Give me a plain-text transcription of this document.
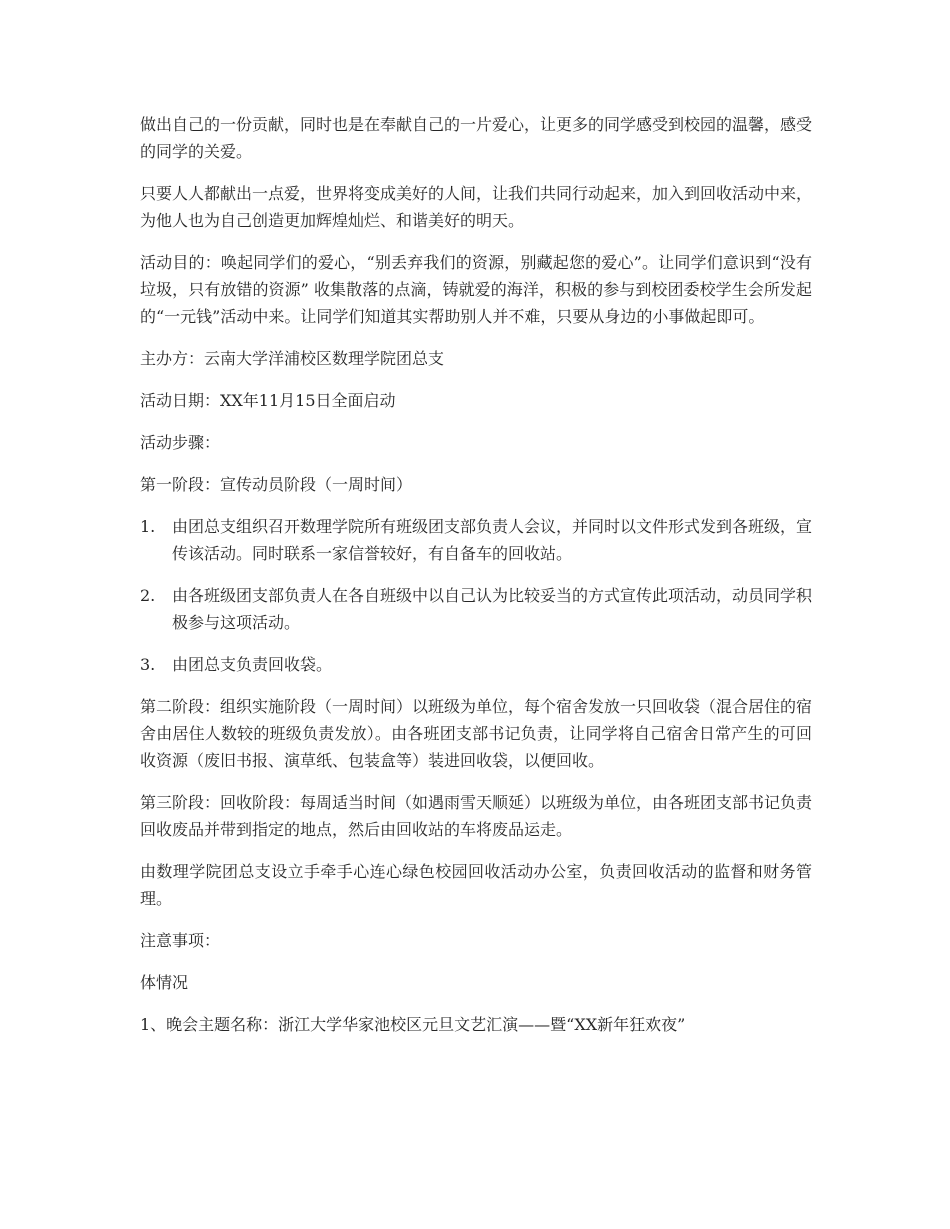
做出自己的一份贡献，同时也是在奉献自己的一片爱心，让更多的同学感受到校园的温馨，感受的同学的关爱。

只要人人都献出一点爱，世界将变成美好的人间，让我们共同行动起来，加入到回收活动中来，为他人也为自己创造更加辉煌灿烂、和谐美好的明天。

活动目的：唤起同学们的爱心，“别丢弃我们的资源，别藏起您的爱心”。让同学们意识到“没有垃圾，只有放错的资源” 收集散落的点滴，铸就爱的海洋，积极的参与到校团委校学生会所发起的“一元钱”活动中来。让同学们知道其实帮助别人并不难，只要从身边的小事做起即可。

主办方：云南大学洋浦校区数理学院团总支

活动日期：XX年11月15日全面启动

活动步骤：

第一阶段：宣传动员阶段（一周时间）

1.	由团总支组织召开数理学院所有班级团支部负责人会议，并同时以文件形式发到各班级，宣传该活动。同时联系一家信誉较好，有自备车的回收站。

2.	由各班级团支部负责人在各自班级中以自己认为比较妥当的方式宣传此项活动，动员同学积极参与这项活动。

3.	由团总支负责回收袋。

第二阶段：组织实施阶段（一周时间）以班级为单位，每个宿舍发放一只回收袋（混合居住的宿舍由居住人数较的班级负责发放）。由各班团支部书记负责，让同学将自己宿舍日常产生的可回收资源（废旧书报、演草纸、包装盒等）装进回收袋，以便回收。

第三阶段：回收阶段：每周适当时间（如遇雨雪天顺延）以班级为单位，由各班团支部书记负责回收废品并带到指定的地点，然后由回收站的车将废品运走。

由数理学院团总支设立手牵手心连心绿色校园回收活动办公室，负责回收活动的监督和财务管理。

注意事项：

体情况

1、晚会主题名称：浙江大学华家池校区元旦文艺汇演——暨“XX新年狂欢夜”
